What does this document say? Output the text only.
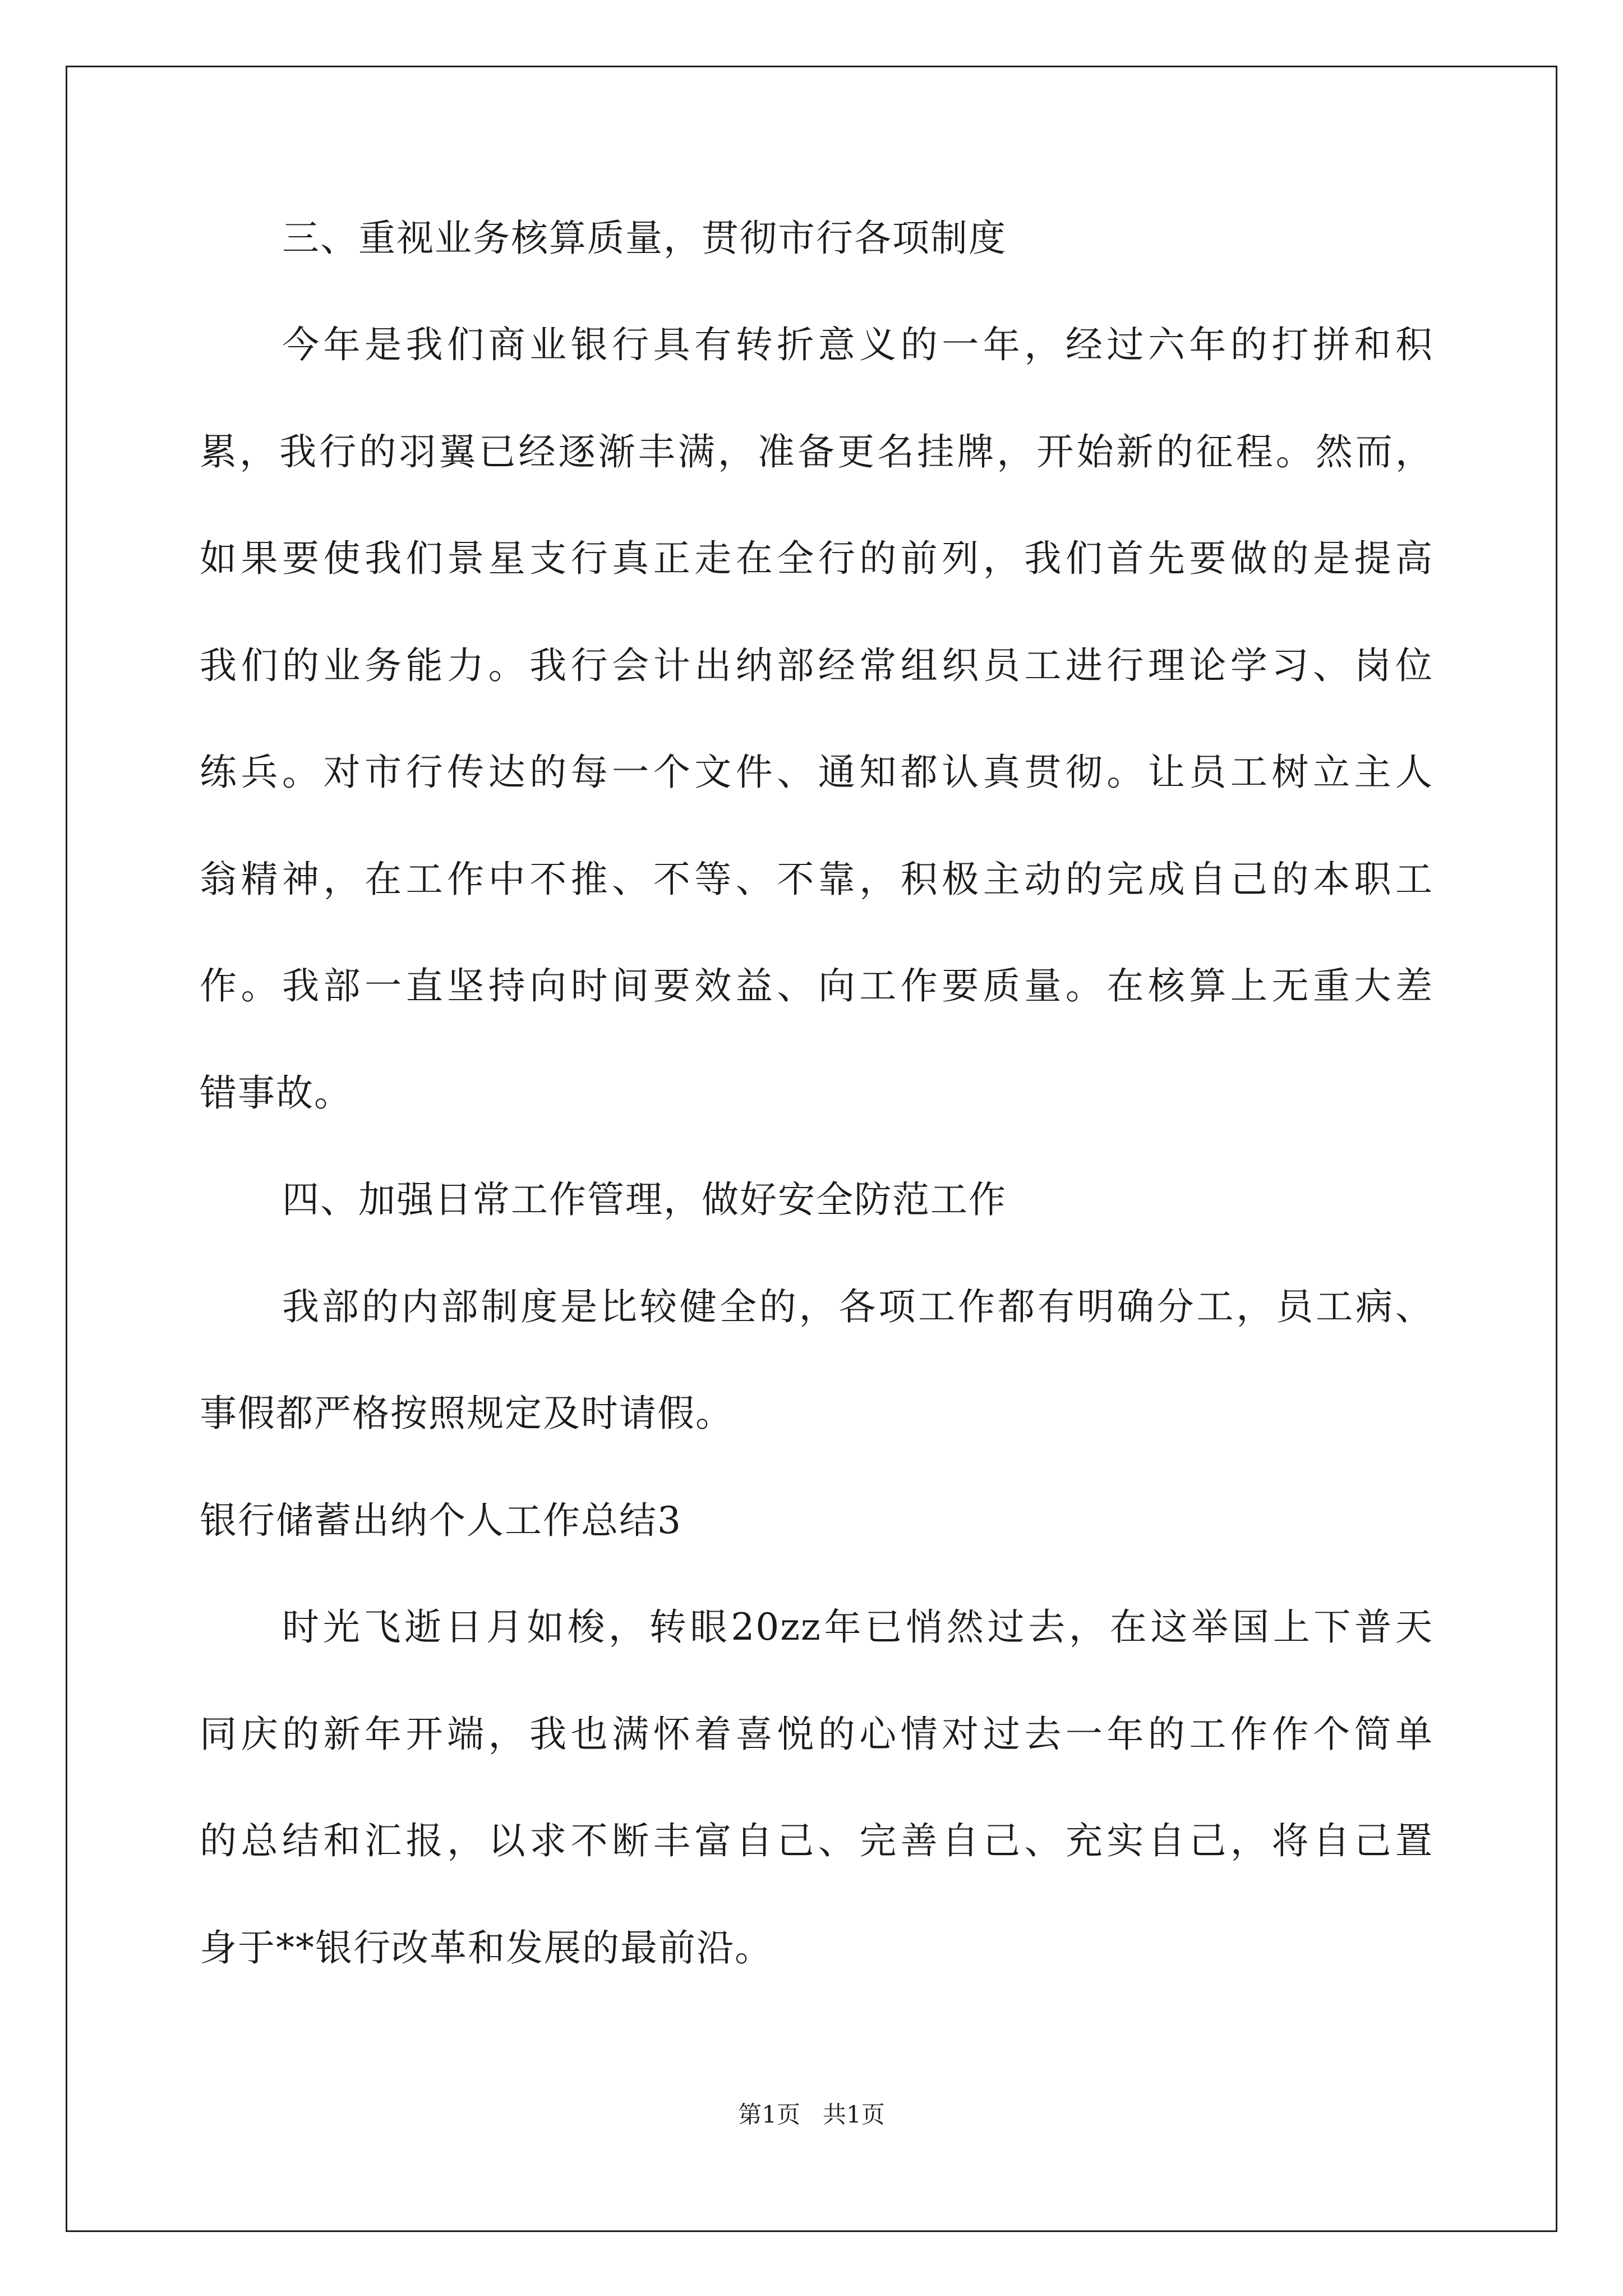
三、重视业务核算质量，贯彻市行各项制度
今年是我们商业银行具有转折意义的一年，经过六年的打拼和积
累，我行的羽翼已经逐渐丰满，准备更名挂牌，开始新的征程。然而，
如果要使我们景星支行真正走在全行的前列，我们首先要做的是提高
我们的业务能力。我行会计出纳部经常组织员工进行理论学习、岗位
练兵。对市行传达的每一个文件、通知都认真贯彻。让员工树立主人
翁精神，在工作中不推、不等、不靠，积极主动的完成自己的本职工
作。我部一直坚持向时间要效益、向工作要质量。在核算上无重大差
错事故。
四、加强日常工作管理，做好安全防范工作
我部的内部制度是比较健全的，各项工作都有明确分工，员工病、
事假都严格按照规定及时请假。
银行储蓄出纳个人工作总结3
时光飞逝日月如梭，转眼20zz年已悄然过去，在这举国上下普天
同庆的新年开端，我也满怀着喜悦的心情对过去一年的工作作个简单
的总结和汇报，以求不断丰富自己、完善自己、充实自己，将自己置
身于**银行改革和发展的最前沿。
第1页   共1页
